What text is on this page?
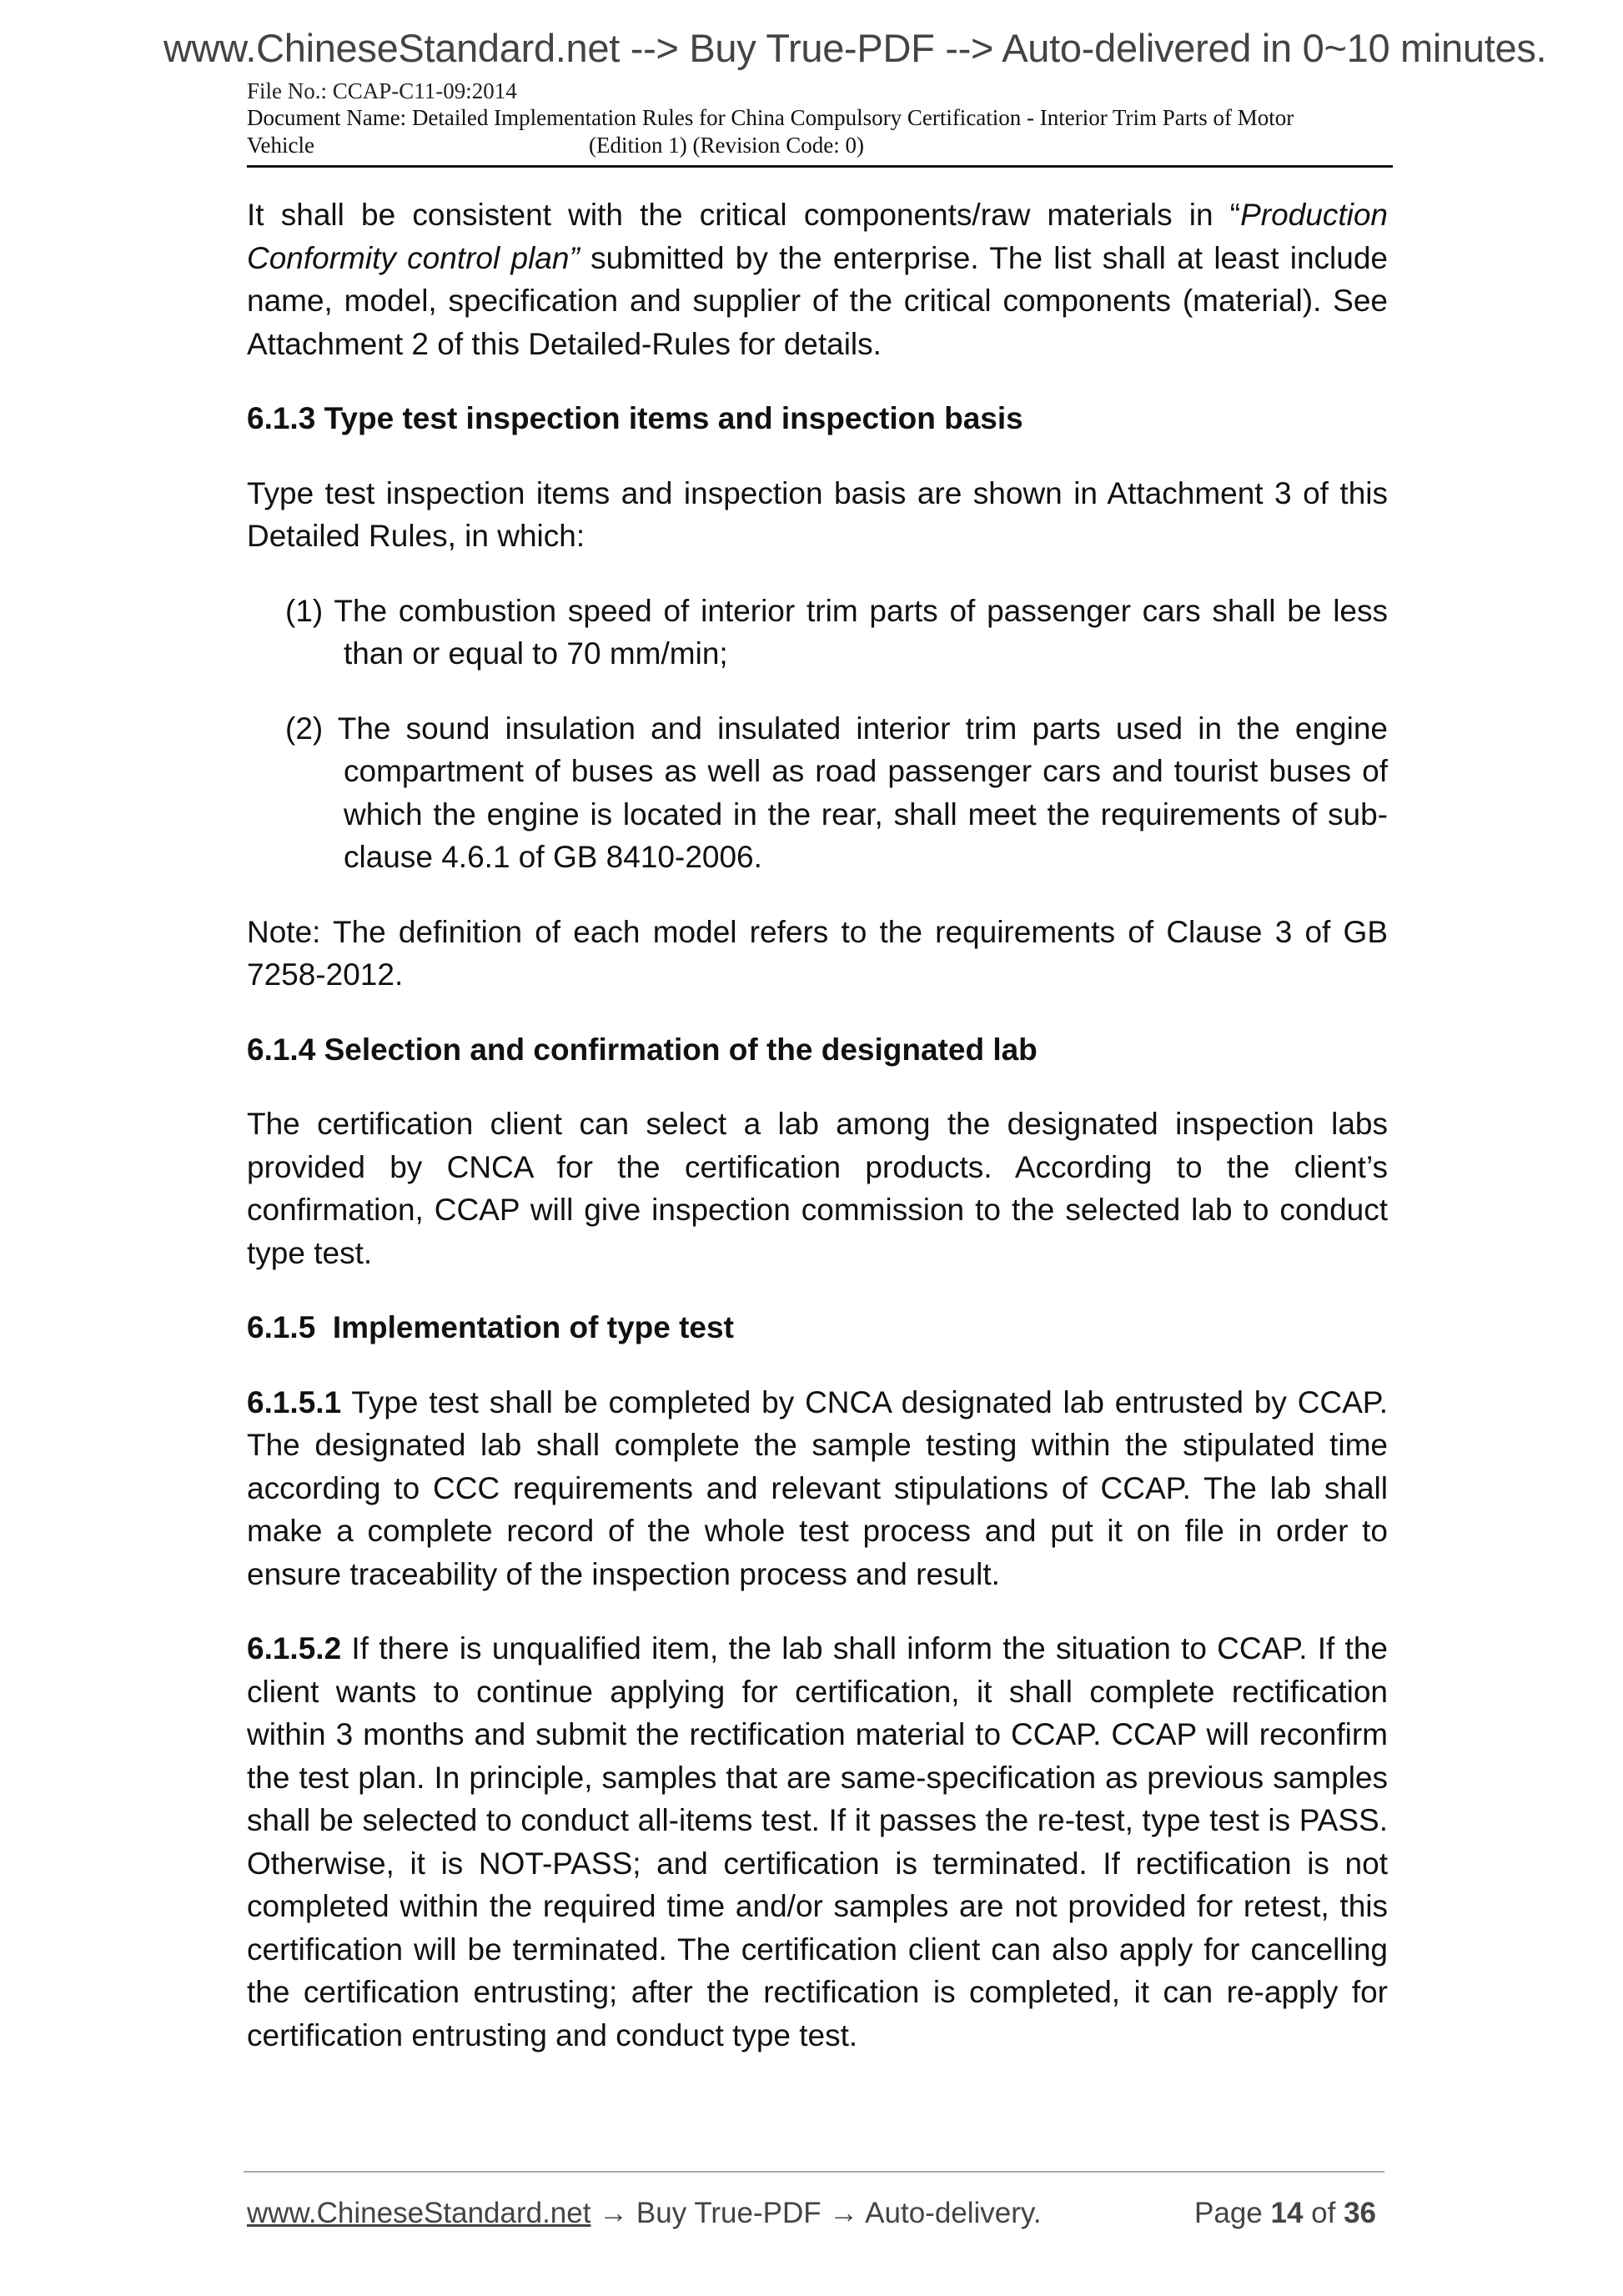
www.ChineseStandard.net --> Buy True-PDF --> Auto-delivered in 0~10 minutes.
File No.: CCAP-C11-09:2014
Document Name: Detailed Implementation Rules for China Compulsory Certification - Interior Trim Parts of Motor
Vehicle	(Edition 1) (Revision Code: 0)

It shall be consistent with the critical components/raw materials in “Production Conformity control plan” submitted by the enterprise. The list shall at least include name, model, specification and supplier of the critical components (material). See Attachment 2 of this Detailed-Rules for details.

6.1.3 Type test inspection items and inspection basis

Type test inspection items and inspection basis are shown in Attachment 3 of this Detailed Rules, in which:

(1) The combustion speed of interior trim parts of passenger cars shall be less than or equal to 70 mm/min;

(2) The sound insulation and insulated interior trim parts used in the engine compartment of buses as well as road passenger cars and tourist buses of which the engine is located in the rear, shall meet the requirements of sub-clause 4.6.1 of GB 8410-2006.

Note: The definition of each model refers to the requirements of Clause 3 of GB 7258-2012.

6.1.4 Selection and confirmation of the designated lab

The certification client can select a lab among the designated inspection labs provided by CNCA for the certification products. According to the client’s confirmation, CCAP will give inspection commission to the selected lab to conduct type test.

6.1.5  Implementation of type test

6.1.5.1 Type test shall be completed by CNCA designated lab entrusted by CCAP. The designated lab shall complete the sample testing within the stipulated time according to CCC requirements and relevant stipulations of CCAP. The lab shall make a complete record of the whole test process and put it on file in order to ensure traceability of the inspection process and result.

6.1.5.2 If there is unqualified item, the lab shall inform the situation to CCAP. If the client wants to continue applying for certification, it shall complete rectification within 3 months and submit the rectification material to CCAP. CCAP will reconfirm the test plan. In principle, samples that are same-specification as previous samples shall be selected to conduct all-items test. If it passes the re-test, type test is PASS. Otherwise, it is NOT-PASS; and certification is terminated. If rectification is not completed within the required time and/or samples are not provided for retest, this certification will be terminated. The certification client can also apply for cancelling the certification entrusting; after the rectification is completed, it can re-apply for certification entrusting and conduct type test.

www.ChineseStandard.net → Buy True-PDF → Auto-delivery.	Page 14 of 36
